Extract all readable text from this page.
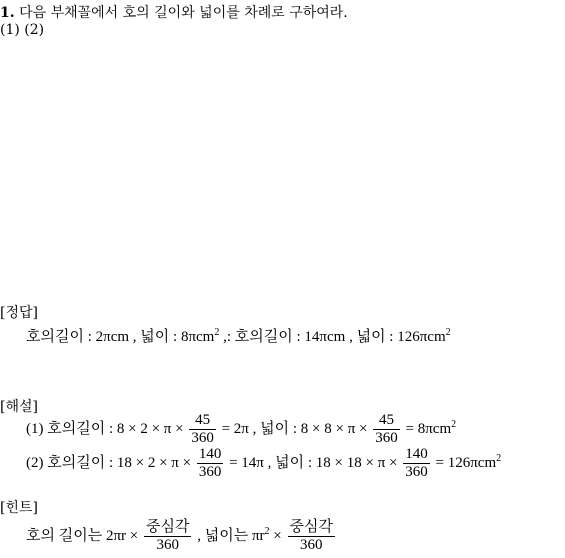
1. 다음 부채꼴에서 호의 길이와 넓이를 차례로 구하여라.
(1) (2)
[정답]
호의길이 : 2πcm , 넓이 : 8πcm$^2$ ,: 호의길이 : 14πcm , 넓이 : 126πcm$^2$
[해설]
(1) 호의길이 : $8 \times 2 \times \pi \times \frac{45}{360} = 2\pi$ , 넓이 : $8 \times 8 \times \pi \times \frac{45}{360} = 8\pi cm^2$
(2) 호의길이 : $18 \times 2 \times \pi \times \frac{140}{360} = 14\pi$ , 넓이 : $18 \times 18 \times \pi \times \frac{140}{360} = 126\pi cm^2$
[힌트]
호의 길이는 $2\pi r \times \frac{\text{중심각}}{360}$ , 넓이는 $\pi r^2 \times \frac{\text{중심각}}{360}$
